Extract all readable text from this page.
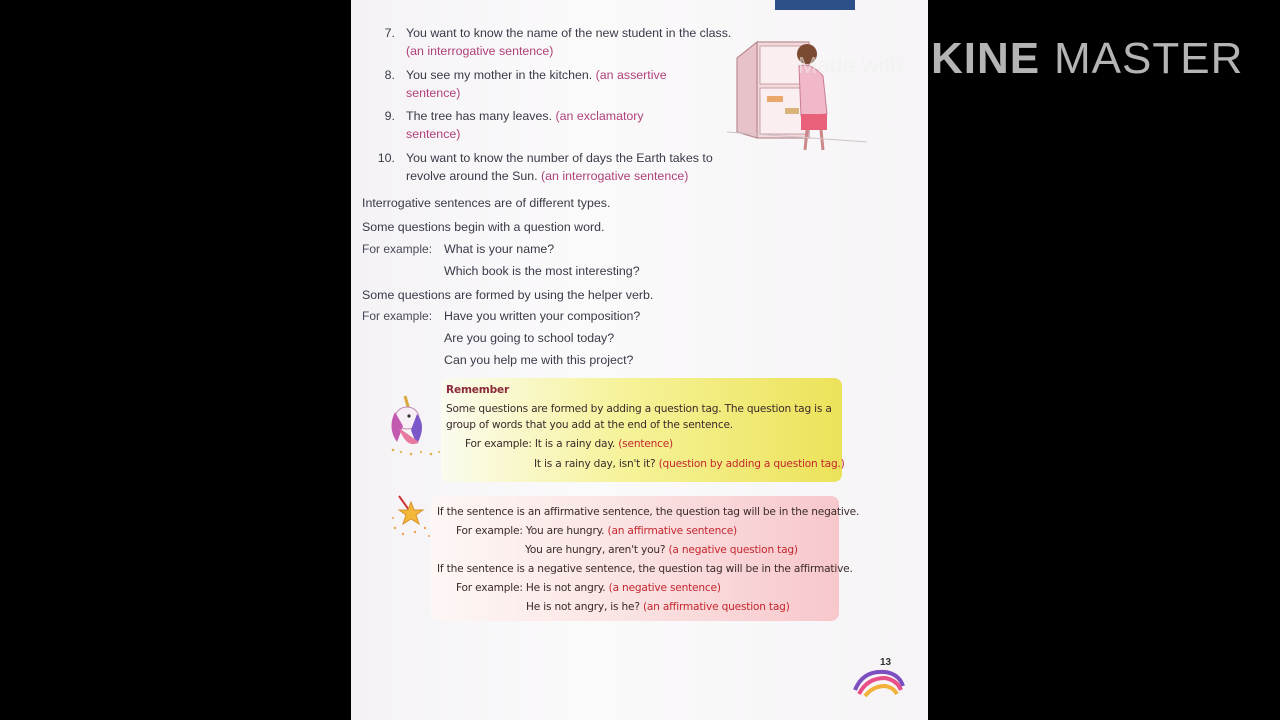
7. You want to know the name of the new student in the class. (an interrogative sentence)
8. You see my mother in the kitchen. (an assertive sentence)
9. The tree has many leaves. (an exclamatory sentence)
10. You want to know the number of days the Earth takes to revolve around the Sun. (an interrogative sentence)
Interrogative sentences are of different types.
Some questions begin with a question word.
For example: What is your name?
Which book is the most interesting?
Some questions are formed by using the helper verb.
For example: Have you written your composition?
Are you going to school today?
Can you help me with this project?
Remember
Some questions are formed by adding a question tag. The question tag is a
group of words that you add at the end of the sentence.
For example: It is a rainy day. (sentence)
It is a rainy day, isn't it? (question by adding a question tag.)
If the sentence is an affirmative sentence, the question tag will be in the negative.
For example: You are hungry. (an affirmative sentence)
You are hungry, aren't you? (a negative question tag)
If the sentence is a negative sentence, the question tag will be in the affirmative.
For example: He is not angry. (a negative sentence)
He is not angry, is he? (an affirmative question tag)
13
Made with KINE MASTER
